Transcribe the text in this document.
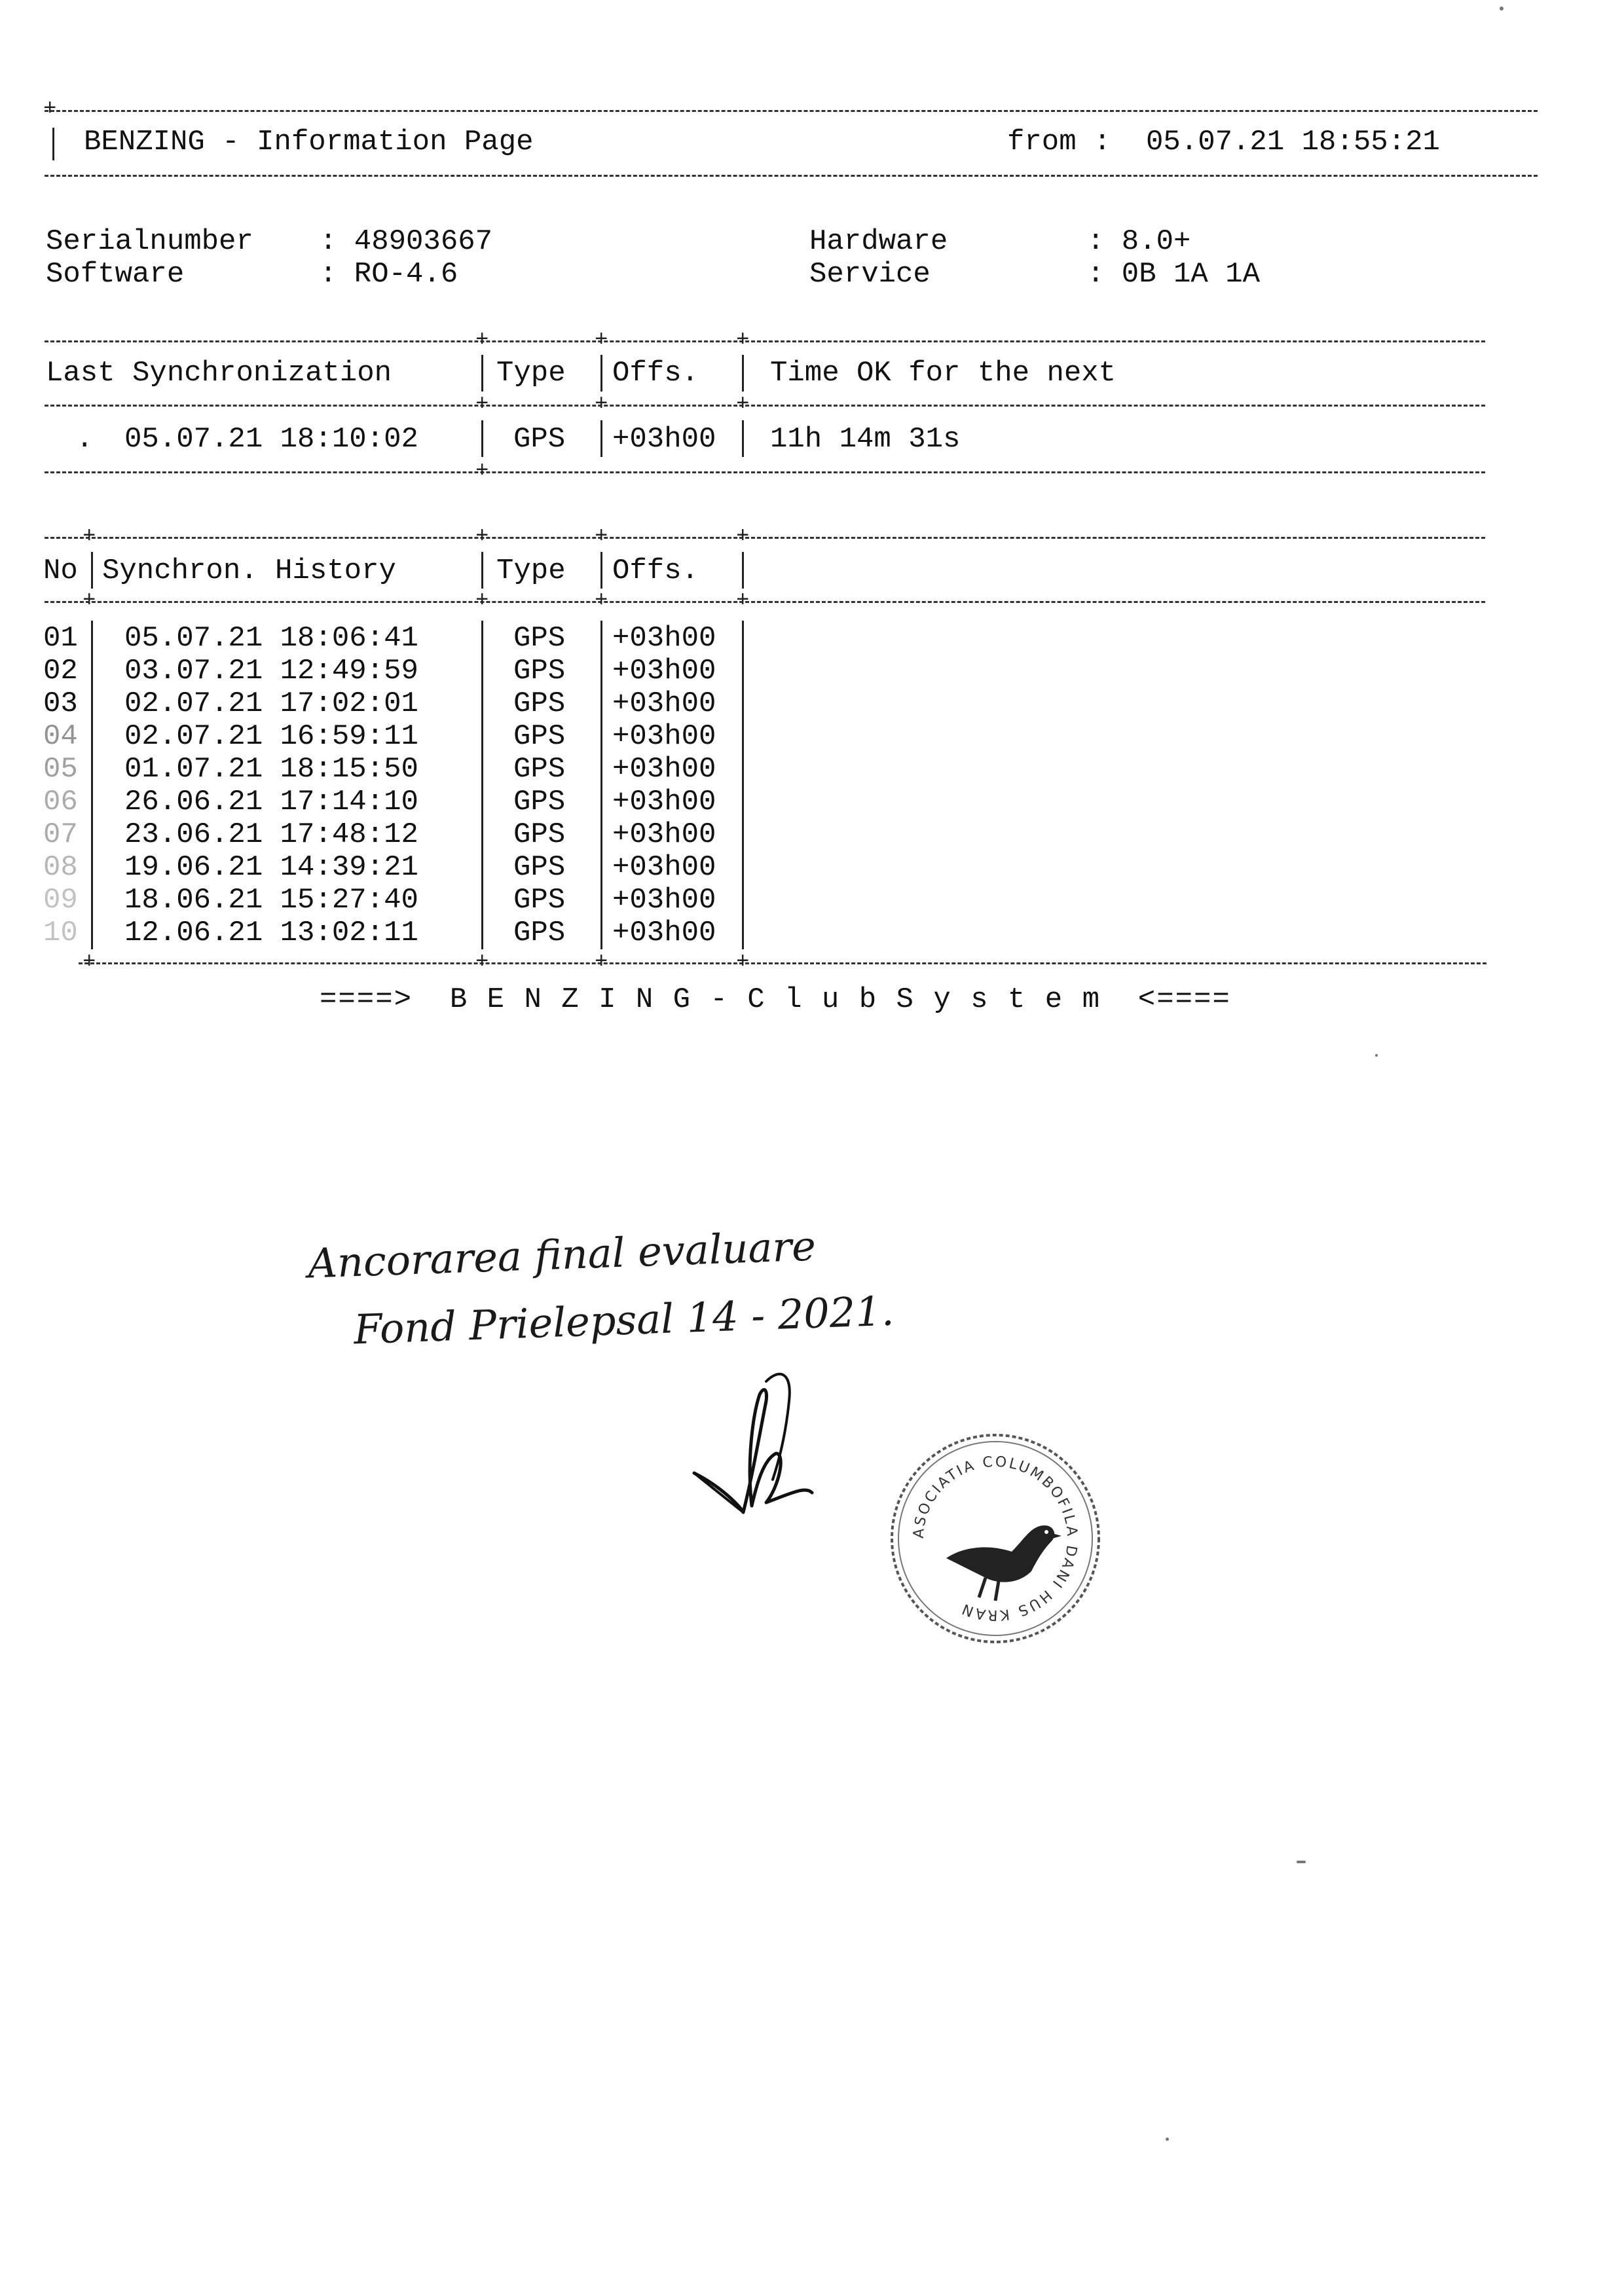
+
BENZING - Information Page	from : 05.07.21 18:55:21
Serialnumber : 48903667
Software	: RO-4.6
Hardware	: 8.0+
Service	: 0B 1A 1A
+	+	+
Last Synchronization	Type Offs. Time OK for the next
+	+	+
. 05.07.21 18:10:02	GPS +03h00 11h 14m 31s
+
+	+	+	+
No Synchron. History	Type Offs.
+	+	+	+
01 05.07.21 18:06:41	GPS +03h00
02 03.07.21 12:49:59	GPS +03h00
03 02.07.21 17:02:01	GPS +03h00
04 02.07.21 16:59:11	GPS +03h00
05 01.07.21 18:15:50	GPS +03h00
06 26.06.21 17:14:10	GPS +03h00
07 23.06.21 17:48:12	GPS +03h00
08 19.06.21 14:39:21	GPS +03h00
09 18.06.21 15:27:40	GPS +03h00
10 12.06.21 13:02:11	GPS +03h00
+	+	+	+
====>  B E N Z I N G - C l u b S y s t e m  <====
Ancorarea final evaluare
Fond Prielepsal 14 - 2021.
ASOCIATIA COLUMBOFILA DANI HUS KRAN
